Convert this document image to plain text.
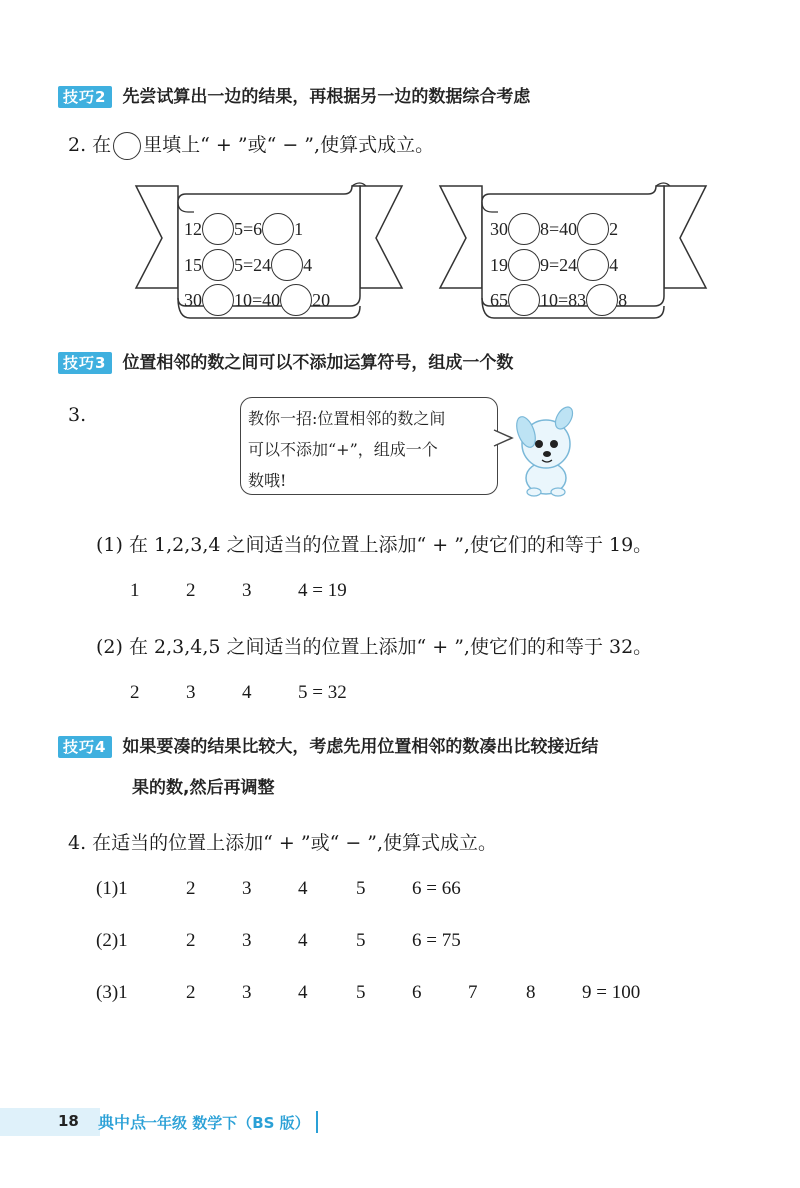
技巧2 先尝试算出一边的结果，再根据另一边的数据综合考虑
2. 在 里填上“ + ”或“ − ”,使算式成立。
12 5=6 1
15 5=24 4
30 10=40 20
30 8=40 2
19 9=24 4
65 10=83 8
技巧3 位置相邻的数之间可以不添加运算符号，组成一个数
3.	教你一招:位置相邻的数之间
可以不添加“+”，组成一个
数哦!
(1) 在 1,2,3,4 之间适当的位置上添加“ + ”,使它们的和等于 19。
1 2 3 4 = 19
(2) 在 2,3,4,5 之间适当的位置上添加“ + ”,使它们的和等于 32。
2 3 4 5 = 32
技巧4 如果要凑的结果比较大，考虑先用位置相邻的数凑出比较接近结
果的数,然后再调整
4. 在适当的位置上添加“ + ”或“ − ”,使算式成立。
(1)1	2 3 4	5 6 = 66
(2)1	2 3 4	5 6 = 75
(3)1	2 3 4	5 6 7	8 9 = 100
18 典中点
一年级 数学下（BS 版）
